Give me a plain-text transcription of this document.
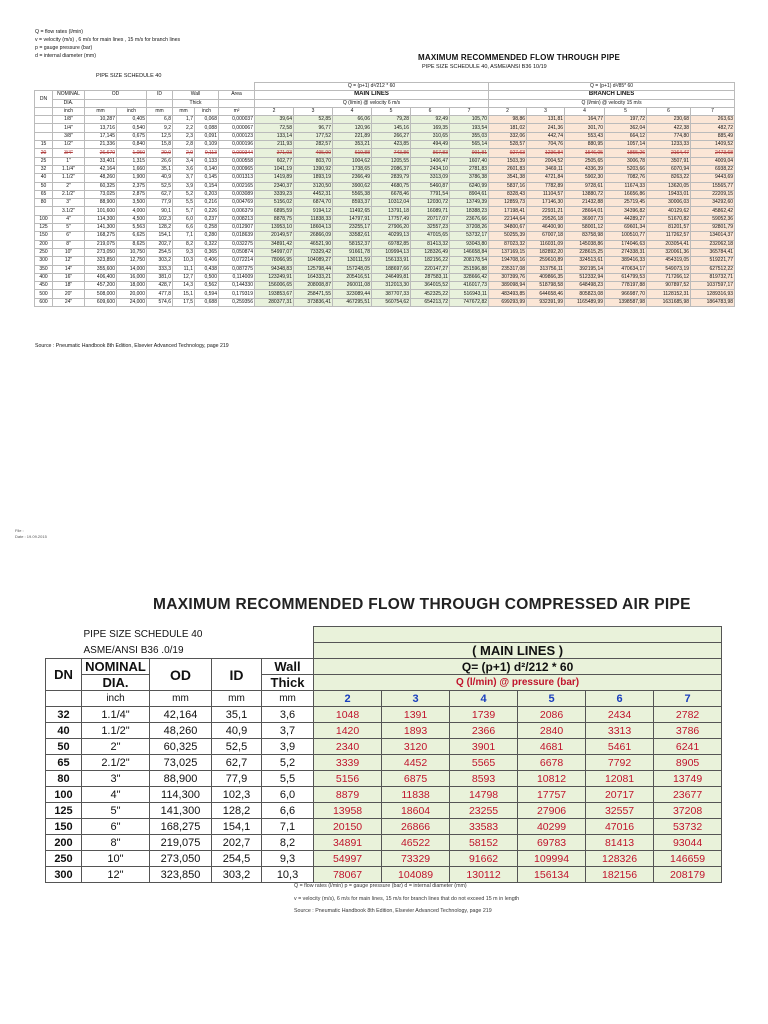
Q = flow rates (l/min)
v = velocity (m/s) , 6 m/s for main lines , 15 m/s for branch lines
p = gauge pressure (bar)
d = internal diameter (mm)	MAXIMUM RECOMMENDED FLOW THROUGH PIPE
PIPE SIZE SCHEDULE 40, ASME/ANSI B36 10/19
PIPE SIZE SCHEDULE 40
								Q = (p+1) d²/212 * 60						Q = (p+1) d²/85* 60					
DN	NOMINAL	OD		ID	Wall		Area	MAIN LINES						BRANCH LINES					
	DIA.				Thick			Q (l/min) @ velocity 6 m/s						Q (l/min) @ velocity 15 m/s					
	inch	mm	inch	mm	mm	inch	m²	2	3	4	5	6	7	2	3	4	5	6	7
	1/8"	10,287	0,405	6,8	1,7	0,068	0,000037	39,64	52,85	66,06	79,28	92,49	105,70	98,86	131,81	164,77	197,72	230,68	263,63
	1/4"	13,716	0,540	9,2	2,2	0,088	0,000067	72,58	96,77	120,96	145,16	169,35	193,54	181,02	241,36	301,70	362,04	422,38	482,72
	3/8"	17,145	0,675	12,5	2,3	0,091	0,000123	133,14	177,52	221,89	266,27	310,65	355,03	332,06	442,74	553,43	664,12	774,80	885,49
15	1/2"	21,336	0,840	15,8	2,8	0,109	0,000196	211,93	282,57	353,21	423,85	494,49	565,14	528,57	704,76	880,95	1057,14	1233,33	1409,52
20	3/4"	26,670	1,050	20,9	2,9	0,113	0,000344	371,93	495,90	619,88	743,86	867,83	991,81	927,63	1236,84	1546,05	1855,26	2164,47	2473,68
25	1"	33,401	1,315	26,6	3,4	0,133	0,000558	602,77	803,70	1004,62	1205,55	1406,47	1607,40	1503,39	2004,52	2505,65	3006,78	3507,91	4009,04
32	1.1/4"	42,164	1,660	35,1	3,6	0,140	0,000965	1041,19	1390,92	1738,65	2086,37	2434,10	2781,83	2601,83	3469,11	4336,39	5203,66	6070,94	6938,22
40	1.1/2"	48,260	1,900	40,9	3,7	0,145	0,001313	1419,89	1893,19	2366,49	2839,79	3313,09	3786,38	3541,38	4721,84	5902,30	7082,76	8263,22	9443,69
50	2"	60,325	2,375	52,5	3,9	0,154	0,002165	2340,37	3120,50	3900,62	4680,75	5460,87	6240,99	5837,16	7782,89	9728,61	11674,33	13620,05	15565,77
65	2.1/2"	73,025	2,875	62,7	5,2	0,203	0,003089	3339,23	4452,31	5565,38	6678,46	7791,54	8904,61	8328,43	11104,57	13880,72	16656,86	19433,01	22209,15
80	3"	88,900	3,500	77,9	5,5	0,216	0,004769	5156,02	6874,70	8593,37	10312,04	12030,72	13749,39	12859,73	17146,30	21432,88	25719,45	30006,03	34292,60
	3.1/2"	101,600	4,000	90,1	5,7	0,226	0,006379	6895,59	9194,12	11492,65	13791,18	16089,71	18388,23	17198,41	22931,21	28664,01	34396,82	40129,62	45862,42
100	4"	114,300	4,500	102,3	6,0	0,237	0,008213	8878,75	11838,33	14797,91	17757,49	20717,07	23676,66	22144,64	29526,18	36907,73	44289,27	51670,82	59052,36
125	5"	141,300	5,563	128,2	6,6	0,258	0,012907	13953,10	18604,13	23255,17	27906,20	32557,23	37208,26	34800,67	46400,90	58001,12	69601,34	81201,57	92801,79
150	6"	168,275	6,625	154,1	7,1	0,280	0,018639	20149,57	26866,09	33582,61	40299,13	47015,65	53732,17	50255,39	67007,18	83758,98	100510,77	117262,57	134014,37
200	8"	219,075	8,625	202,7	8,2	0,322	0,032275	34891,42	46521,90	58152,37	69782,85	81413,32	93043,80	87023,32	116031,09	145038,86	174046,63	203054,41	232062,18
250	10"	273,050	10,750	254,5	9,3	0,365	0,050874	54997,07	73329,42	91661,78	109994,13	128326,49	146658,84	137169,15	182892,20	228615,25	274338,31	320061,36	365784,41
300	12"	323,850	12,750	303,2	10,3	0,406	0,072214	78066,95	104089,27	130111,59	156133,91	182156,22	208178,54	194708,16	259610,89	324513,61	389416,33	454319,05	519221,77
350	14"	355,600	14,000	333,3	11,1	0,438	0,087275	94348,83	125798,44	157248,05	188697,66	220147,27	251596,88	235317,08	313756,11	392195,14	470634,17	549073,19	627512,22
400	16"	406,400	16,000	381,0	12,7	0,500	0,114009	123249,91	164333,21	205416,51	246499,81	287583,11	328666,42	307399,76	409866,35	512332,94	614799,53	717266,12	819732,71
450	18"	457,200	18,000	428,7	14,3	0,562	0,144330	156006,65	208008,87	260011,08	312013,30	364015,52	416017,73	389098,94	518798,58	648498,23	778197,88	907897,52	1037597,17
500	20"	508,000	20,000	477,8	15,1	0,594	0,179319	193853,67	258471,55	323089,44	387707,33	452325,22	516943,11	483493,85	644658,46	805823,08	966987,70	1128152,31	1289316,93
600	24"	609,600	24,000	574,6	17,5	0,688	0,259356	280377,31	373836,41	467295,51	560754,62	654213,72	747672,82	699293,99	932391,99	1165489,99	1398587,98	1631685,98	1864783,98
Source : Pneumatic Handbook 8th Edition, Elsevier Advanced Technology, page 219
File :
Date : 19.09.2015
MAXIMUM RECOMMENDED FLOW THROUGH COMPRESSED AIR PIPE
PIPE SIZE SCHEDULE 40										
ASME/ANSI B36 .0/19					( MAIN LINES )					
DN	NOMINAL	OD	ID	Wall	Q= (p+1) d²/212 * 60					
	DIA.			Thick	Q (l/min) @ pressure (bar)					
	inch	mm	mm	mm	2	3	4	5	6	7
32	1.1/4"	42,164	35,1	3,6	1048	1391	1739	2086	2434	2782
40	1.1/2"	48,260	40,9	3,7	1420	1893	2366	2840	3313	3786
50	2"	60,325	52,5	3,9	2340	3120	3901	4681	5461	6241
65	2.1/2"	73,025	62,7	5,2	3339	4452	5565	6678	7792	8905
80	3"	88,900	77,9	5,5	5156	6875	8593	10812	12081	13749
100	4"	114,300	102,3	6,0	8879	11838	14798	17757	20717	23677
125	5"	141,300	128,2	6,6	13958	18604	23255	27906	32557	37208
150	6"	168,275	154,1	7,1	20150	26866	33583	40299	47016	53732
200	8"	219,075	202,7	8,2	34891	46522	58152	69783	81413	93044
250	10"	273,050	254,5	9,3	54997	73329	91662	109994	128326	146659
300	12"	323,850	303,2	10,3	78067	104089	130112	156134	182156	208179
Q = flow rates (l/min) p = gauge pressure (bar) d = internal diameter (mm)
v = velocity (m/s), 6 m/s for main lines, 15 m/s for branch lines that do not exceed 15 m in length
Source : Pneumatic Handbook 8th Edition, Elsevier Advanced Technology, page 219
